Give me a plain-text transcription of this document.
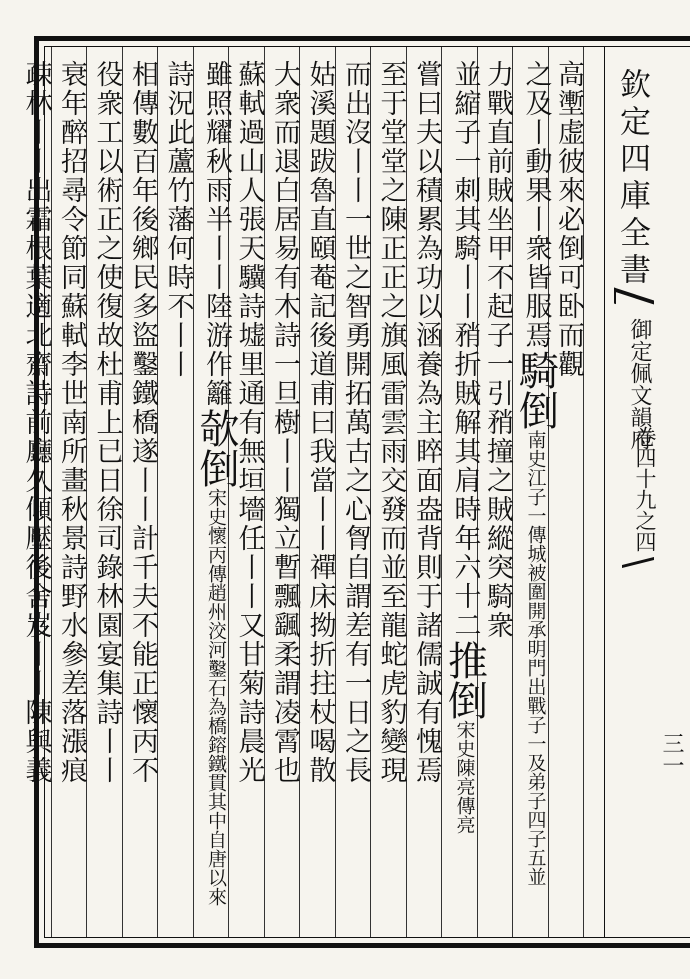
欽定四庫全書
御定佩文韻府
卷四十九之四
三一
高壍虚彼來必倒可卧而觀
之及丨動果丨衆皆服焉騎倒南史江子一傳城被圍開承明門出戰子一及弟子四子五並
力戰直前賊坐甲不起子一引矟撞之賊縱突騎衆
並縮子一刺其騎丨丨矟折賊解其肩時年六十二推倒宋史陳亮傳亮
嘗曰夫以積累為功以涵養為主睟面盎背則于諸儒誠有愧焉
至于堂堂之陳正正之旗風雷雲雨交發而並至龍蛇虎豹變現
而出沒丨丨一世之智勇開拓萬古之心胷自謂差有一日之長
姑溪題跋魯直頤菴記後道甫曰我當丨丨禪床拗折拄杖喝散
大衆而退白居易有木詩一旦樹丨丨獨立暫飄颻柔謂凌霄也
蘇軾過山人張天驥詩墟里通有無垣墻任丨丨又甘菊詩晨光
雖照耀秋雨半丨丨陸游作籬欹倒宋史懷丙傳趙州洨河鑿石為橋鎔鐵貫其中自唐以來
詩況此蘆竹藩何時不丨丨
相傳數百年後鄉民多盜鑿鐵橋遂丨丨計千夫不能正懷丙不
役衆工以術正之使復故杜甫上已日徐司錄林園宴集詩丨丨
衰年醉招尋令節同蘇軾李世南所畫秋景詩野水參差落漲痕
疎林丨丨出霜根葉適北齋詩前廳久傾壓後舍岌丨丨陳與義
